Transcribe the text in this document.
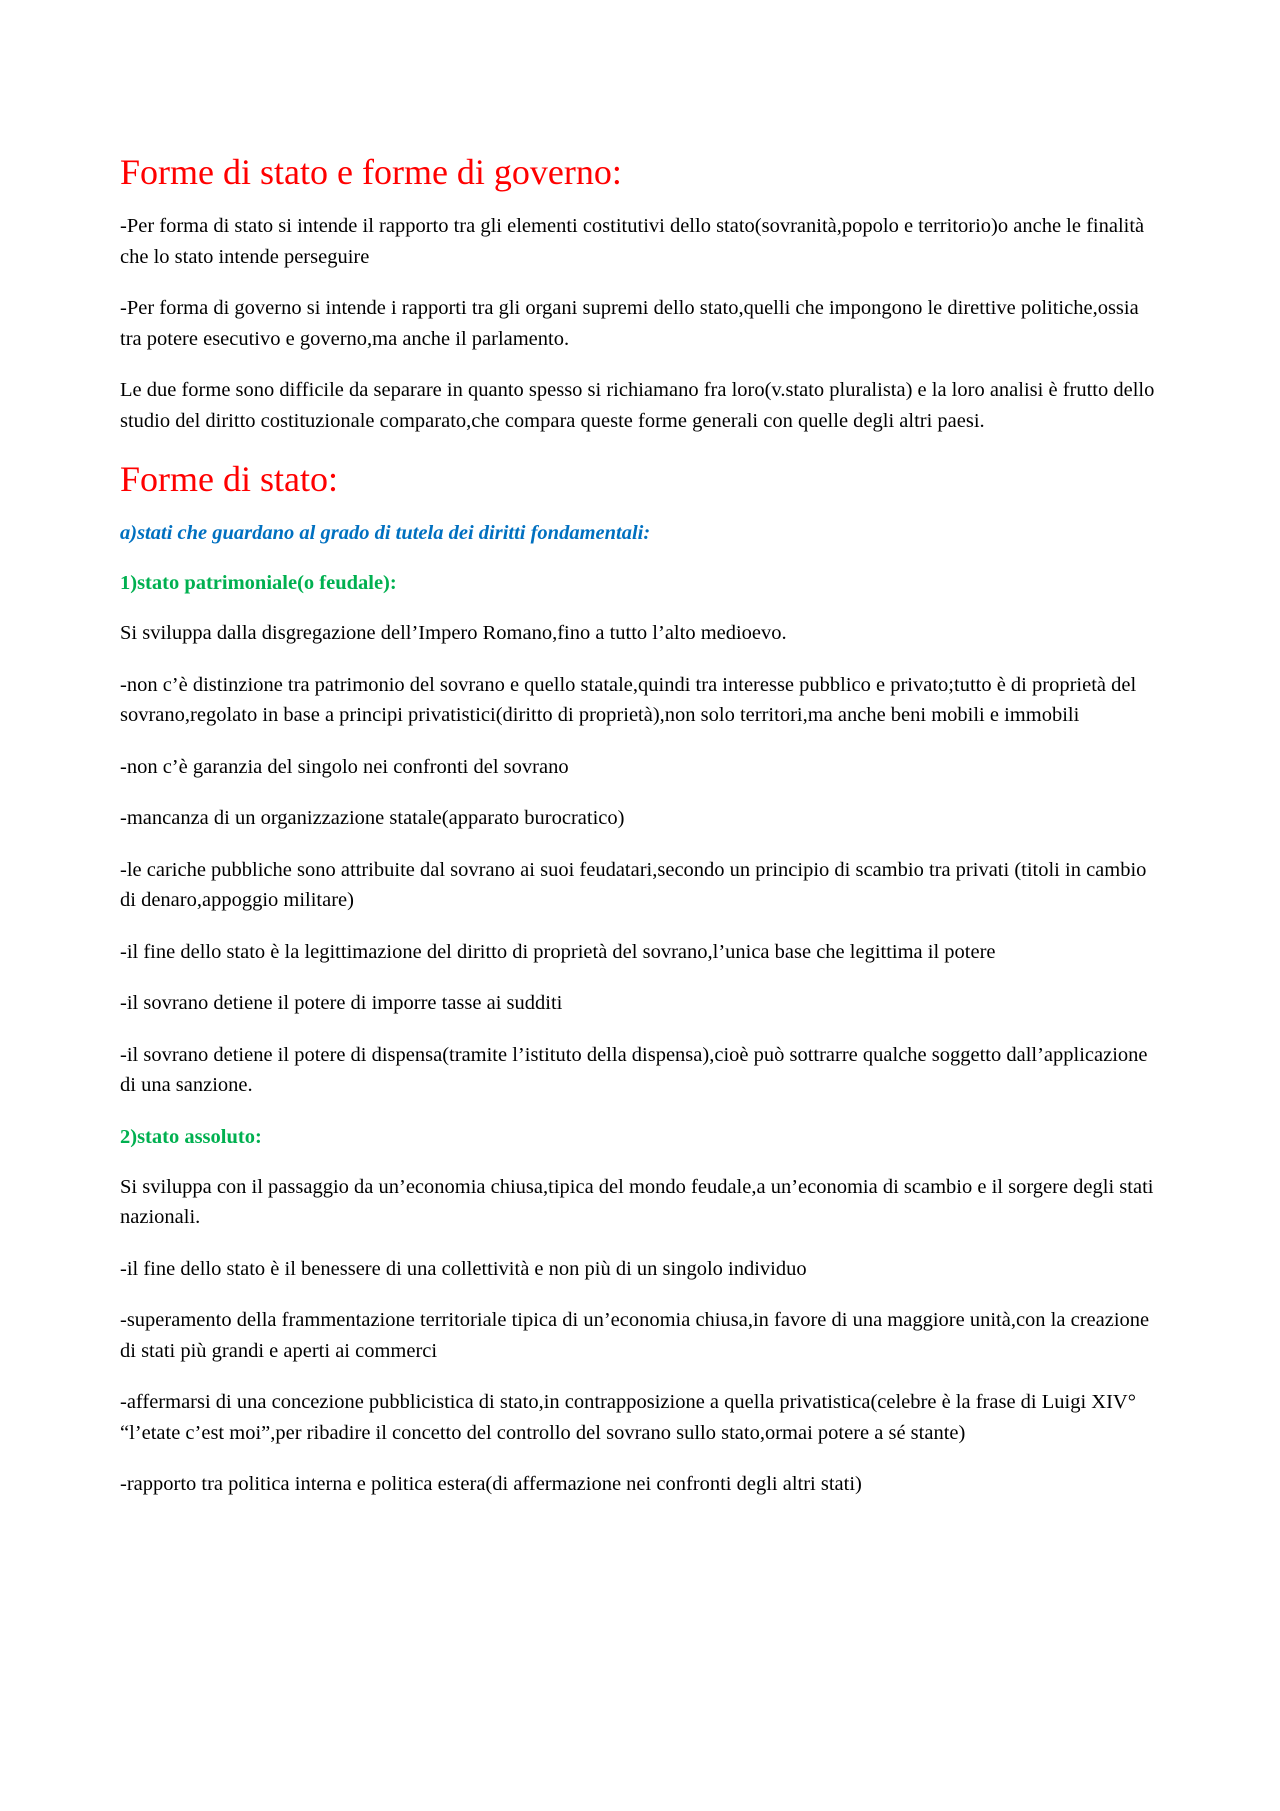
Forme di stato e forme di governo:

-Per forma di stato si intende il rapporto tra gli elementi costitutivi dello stato(sovranità,popolo e territorio)o anche le finalità che lo stato intende perseguire

-Per forma di governo si intende i rapporti tra gli organi supremi dello stato,quelli che impongono le direttive politiche,ossia tra potere esecutivo e governo,ma anche il parlamento.

Le due forme sono difficile da separare in quanto spesso si richiamano fra loro(v.stato pluralista) e la loro analisi è frutto dello studio del diritto costituzionale comparato,che compara queste forme generali con quelle degli altri paesi.

Forme di stato:
a)stati che guardano al grado di tutela dei diritti fondamentali:
1)stato patrimoniale(o feudale):

Si sviluppa dalla disgregazione dell’Impero Romano,fino a tutto l’alto medioevo.

-non c’è distinzione tra patrimonio del sovrano e quello statale,quindi tra interesse pubblico e privato;tutto è di proprietà del sovrano,regolato in base a principi privatistici(diritto di proprietà),non solo territori,ma anche beni mobili e immobili

-non c’è garanzia del singolo nei confronti del sovrano

-mancanza di un organizzazione statale(apparato burocratico)

-le cariche pubbliche sono attribuite dal sovrano ai suoi feudatari,secondo un principio di scambio tra privati (titoli in cambio di denaro,appoggio militare)

-il fine dello stato è la legittimazione del diritto di proprietà del sovrano,l’unica base che legittima il potere

-il sovrano detiene il potere di imporre tasse ai sudditi

-il sovrano detiene il potere di dispensa(tramite l’istituto della dispensa),cioè può sottrarre qualche soggetto dall’applicazione di una sanzione.

2)stato assoluto:

Si sviluppa con il passaggio da un’economia chiusa,tipica del mondo feudale,a un’economia di scambio e il sorgere degli stati nazionali.

-il fine dello stato è il benessere di una collettività e non più di un singolo individuo

-superamento della frammentazione territoriale tipica di un’economia chiusa,in favore di una maggiore unità,con la creazione di stati più grandi e aperti ai commerci

-affermarsi di una concezione pubblicistica di stato,in contrapposizione a quella privatistica(celebre è la frase di Luigi XIV° “l’etate c’est moi”,per ribadire il concetto del controllo del sovrano sullo stato,ormai potere a sé stante)

-rapporto tra politica interna e politica estera(di affermazione nei confronti degli altri stati)
